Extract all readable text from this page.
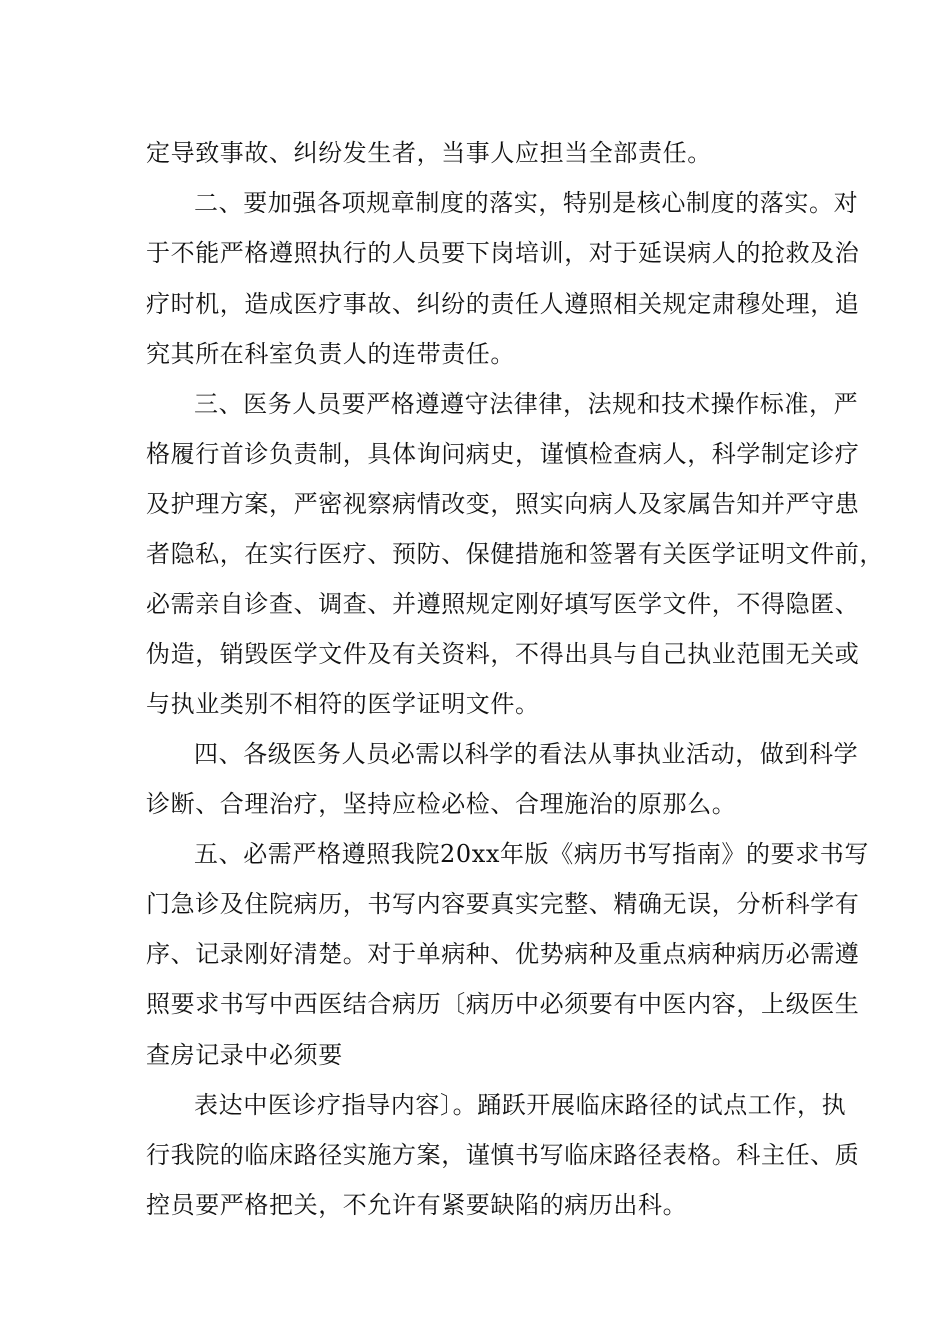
定导致事故、纠纷发生者，当事人应担当全部责任。

二、要加强各项规章制度的落实，特别是核心制度的落实。对

于不能严格遵照执行的人员要下岗培训，对于延误病人的抢救及治

疗时机，造成医疗事故、纠纷的责任人遵照相关规定肃穆处理，追

究其所在科室负责人的连带责任。

三、医务人员要严格遵遵守法律律，法规和技术操作标准，严

格履行首诊负责制，具体询问病史，谨慎检查病人，科学制定诊疗

及护理方案，严密视察病情改变，照实向病人及家属告知并严守患

者隐私，在实行医疗、预防、保健措施和签署有关医学证明文件前，

必需亲自诊查、调查、并遵照规定刚好填写医学文件，不得隐匿、

伪造，销毁医学文件及有关资料，不得出具与自己执业范围无关或

与执业类别不相符的医学证明文件。

四、各级医务人员必需以科学的看法从事执业活动，做到科学

诊断、合理治疗，坚持应检必检、合理施治的原那么。

五、必需严格遵照我院20xx年版《病历书写指南》的要求书写

门急诊及住院病历，书写内容要真实完整、精确无误，分析科学有

序、记录刚好清楚。对于单病种、优势病种及重点病种病历必需遵

照要求书写中西医结合病历〔病历中必须要有中医内容，上级医生

查房记录中必须要

表达中医诊疗指导内容〕。踊跃开展临床路径的试点工作，执

行我院的临床路径实施方案，谨慎书写临床路径表格。科主任、质

控员要严格把关，不允许有紧要缺陷的病历出科。
